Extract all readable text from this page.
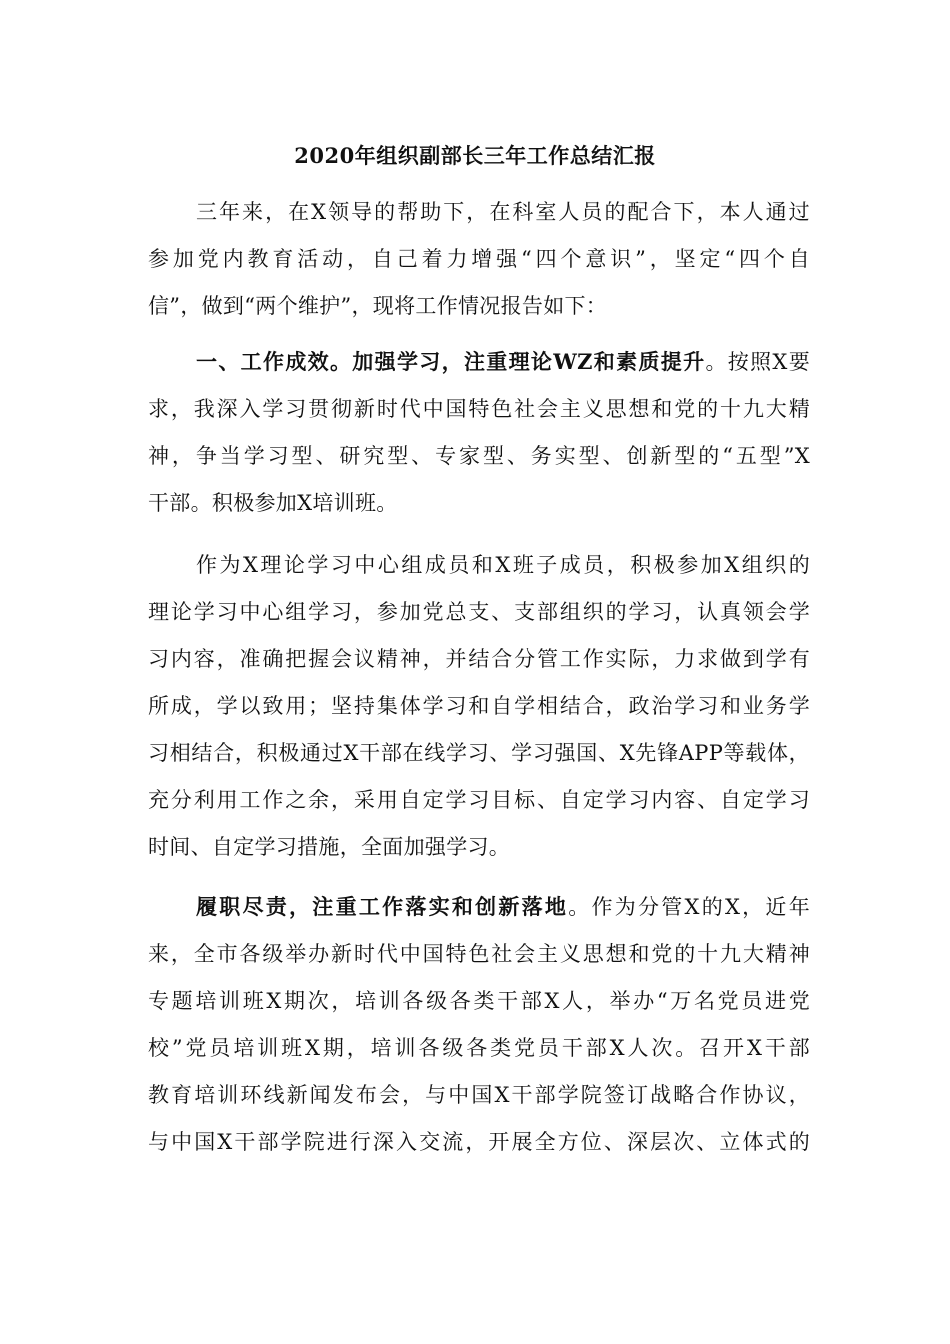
2020年组织副部长三年工作总结汇报
三年来，在X领导的帮助下，在科室人员的配合下，本人通过
参加党内教育活动，自己着力增强“四个意识”，坚定“四个自
信”，做到“两个维护”，现将工作情况报告如下：
一、工作成效。加强学习，注重理论WZ和素质提升。按照X要
求，我深入学习贯彻新时代中国特色社会主义思想和党的十九大精
神，争当学习型、研究型、专家型、务实型、创新型的“五型”X
干部。积极参加X培训班。
作为X理论学习中心组成员和X班子成员，积极参加X组织的
理论学习中心组学习，参加党总支、支部组织的学习，认真领会学
习内容，准确把握会议精神，并结合分管工作实际，力求做到学有
所成，学以致用；坚持集体学习和自学相结合，政治学习和业务学
习相结合，积极通过X干部在线学习、学习强国、X先锋APP等载体，
充分利用工作之余，采用自定学习目标、自定学习内容、自定学习
时间、自定学习措施，全面加强学习。
履职尽责，注重工作落实和创新落地。作为分管X的X，近年
来，全市各级举办新时代中国特色社会主义思想和党的十九大精神
专题培训班X期次，培训各级各类干部X人，举办“万名党员进党
校”党员培训班X期，培训各级各类党员干部X人次。召开X干部
教育培训环线新闻发布会，与中国X干部学院签订战略合作协议，
与中国X干部学院进行深入交流，开展全方位、深层次、立体式的
